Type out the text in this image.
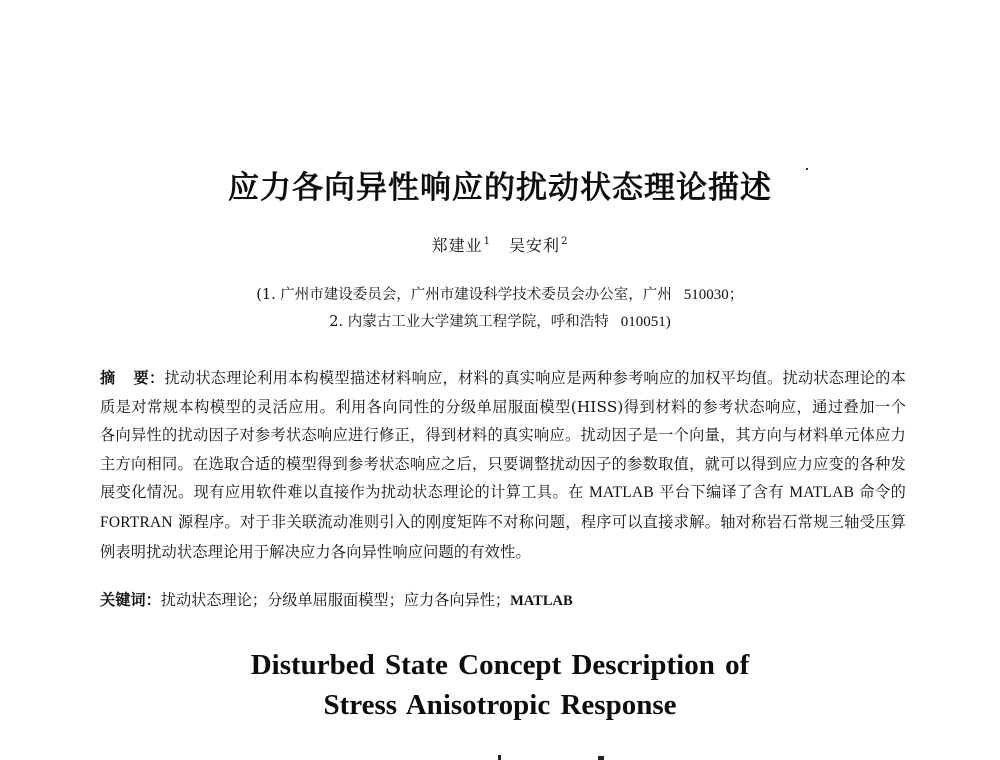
应力各向异性响应的扰动状态理论描述
郑建业$^1$ 吴安利$^2$
(1. 广州市建设委员会，广州市建设科学技术委员会办公室，广州 510030；
2. 内蒙古工业大学建筑工程学院，呼和浩特 010051)
摘 要：扰动状态理论利用本构模型描述材料响应，材料的真实响应是两种参考响应的加权平均值。扰动状态理论的本质是对常规本构模型的灵活应用。利用各向同性的分级单屈服面模型(HISS)得到材料的参考状态响应，通过叠加一个各向异性的扰动因子对参考状态响应进行修正，得到材料的真实响应。扰动因子是一个向量，其方向与材料单元体应力主方向相同。在选取合适的模型得到参考状态响应之后，只要调整扰动因子的参数取值，就可以得到应力应变的各种发展变化情况。现有应用软件难以直接作为扰动状态理论的计算工具。在 MATLAB 平台下编译了含有 MATLAB 命令的 FORTRAN 源程序。对于非关联流动准则引入的刚度矩阵不对称问题，程序可以直接求解。轴对称岩石常规三轴受压算例表明扰动状态理论用于解决应力各向异性响应问题的有效性。
关键词：扰动状态理论；分级单屈服面模型；应力各向异性；MATLAB
Disturbed State Concept Description of
Stress Anisotropic Response
